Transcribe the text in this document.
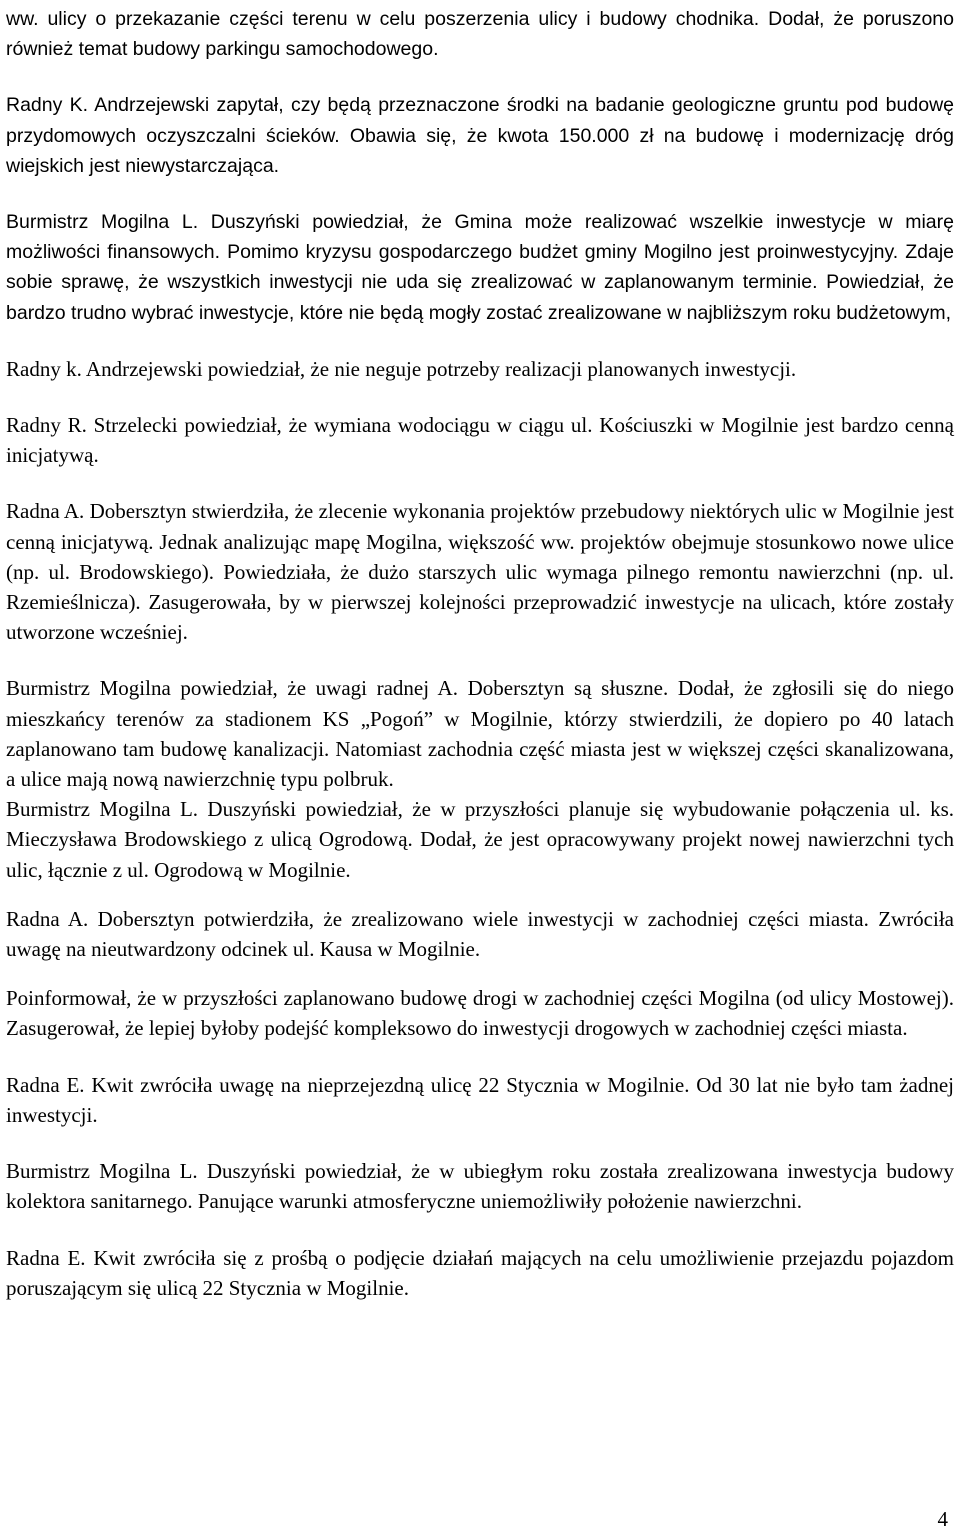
ww. ulicy o przekazanie części terenu w celu poszerzenia ulicy i budowy chodnika. Dodał, że poruszono również temat budowy parkingu samochodowego.

Radny K. Andrzejewski zapytał, czy będą przeznaczone środki na badanie geologiczne gruntu pod budowę przydomowych oczyszczalni ścieków. Obawia się, że kwota 150.000 zł na budowę i modernizację dróg wiejskich jest niewystarczająca.

Burmistrz Mogilna L. Duszyński powiedział, że Gmina może realizować wszelkie inwestycje w miarę możliwości finansowych. Pomimo kryzysu gospodarczego budżet gminy Mogilno jest proinwestycyjny. Zdaje sobie sprawę, że wszystkich inwestycji nie uda się zrealizować w zaplanowanym terminie. Powiedział, że bardzo trudno wybrać inwestycje, które nie będą mogły zostać zrealizowane w najbliższym roku budżetowym,

Radny k. Andrzejewski powiedział, że nie neguje potrzeby realizacji planowanych inwestycji.

Radny R. Strzelecki powiedział, że wymiana wodociągu w ciągu ul. Kościuszki w Mogilnie jest bardzo cenną inicjatywą.

Radna A. Dobersztyn stwierdziła, że zlecenie wykonania projektów przebudowy niektórych ulic w Mogilnie jest cenną inicjatywą. Jednak analizując mapę Mogilna, większość ww. projektów obejmuje stosunkowo nowe ulice (np. ul. Brodowskiego). Powiedziała, że dużo starszych ulic wymaga pilnego remontu nawierzchni (np. ul. Rzemieślnicza). Zasugerowała, by w pierwszej kolejności przeprowadzić inwestycje na ulicach, które zostały utworzone wcześniej.

Burmistrz Mogilna powiedział, że uwagi radnej A. Dobersztyn są słuszne. Dodał, że zgłosili się do niego mieszkańcy terenów za stadionem KS „Pogoń” w Mogilnie, którzy stwierdzili, że dopiero po 40 latach zaplanowano tam budowę kanalizacji. Natomiast zachodnia część miasta jest w większej części skanalizowana, a ulice mają nową nawierzchnię typu polbruk.

Burmistrz Mogilna L. Duszyński powiedział, że w przyszłości planuje się wybudowanie połączenia ul. ks. Mieczysława Brodowskiego z ulicą Ogrodową. Dodał, że jest opracowywany projekt nowej nawierzchni tych ulic, łącznie z ul. Ogrodową w Mogilnie.

Radna A. Dobersztyn potwierdziła, że zrealizowano wiele inwestycji w zachodniej części miasta. Zwróciła uwagę na nieutwardzony odcinek ul. Kausa w Mogilnie.

Poinformował, że w przyszłości zaplanowano budowę drogi w zachodniej części Mogilna (od ulicy Mostowej). Zasugerował, że lepiej byłoby podejść kompleksowo do inwestycji drogowych w zachodniej części miasta.

Radna E. Kwit zwróciła uwagę na nieprzejezdną ulicę 22 Stycznia w Mogilnie. Od 30 lat nie było tam żadnej inwestycji.

Burmistrz Mogilna L. Duszyński powiedział, że w ubiegłym roku została zrealizowana inwestycja budowy kolektora sanitarnego. Panujące warunki atmosferyczne uniemożliwiły położenie nawierzchni.

Radna E. Kwit zwróciła się z prośbą o podjęcie działań mających na celu umożliwienie przejazdu pojazdom poruszającym się ulicą 22 Stycznia w Mogilnie.

4
